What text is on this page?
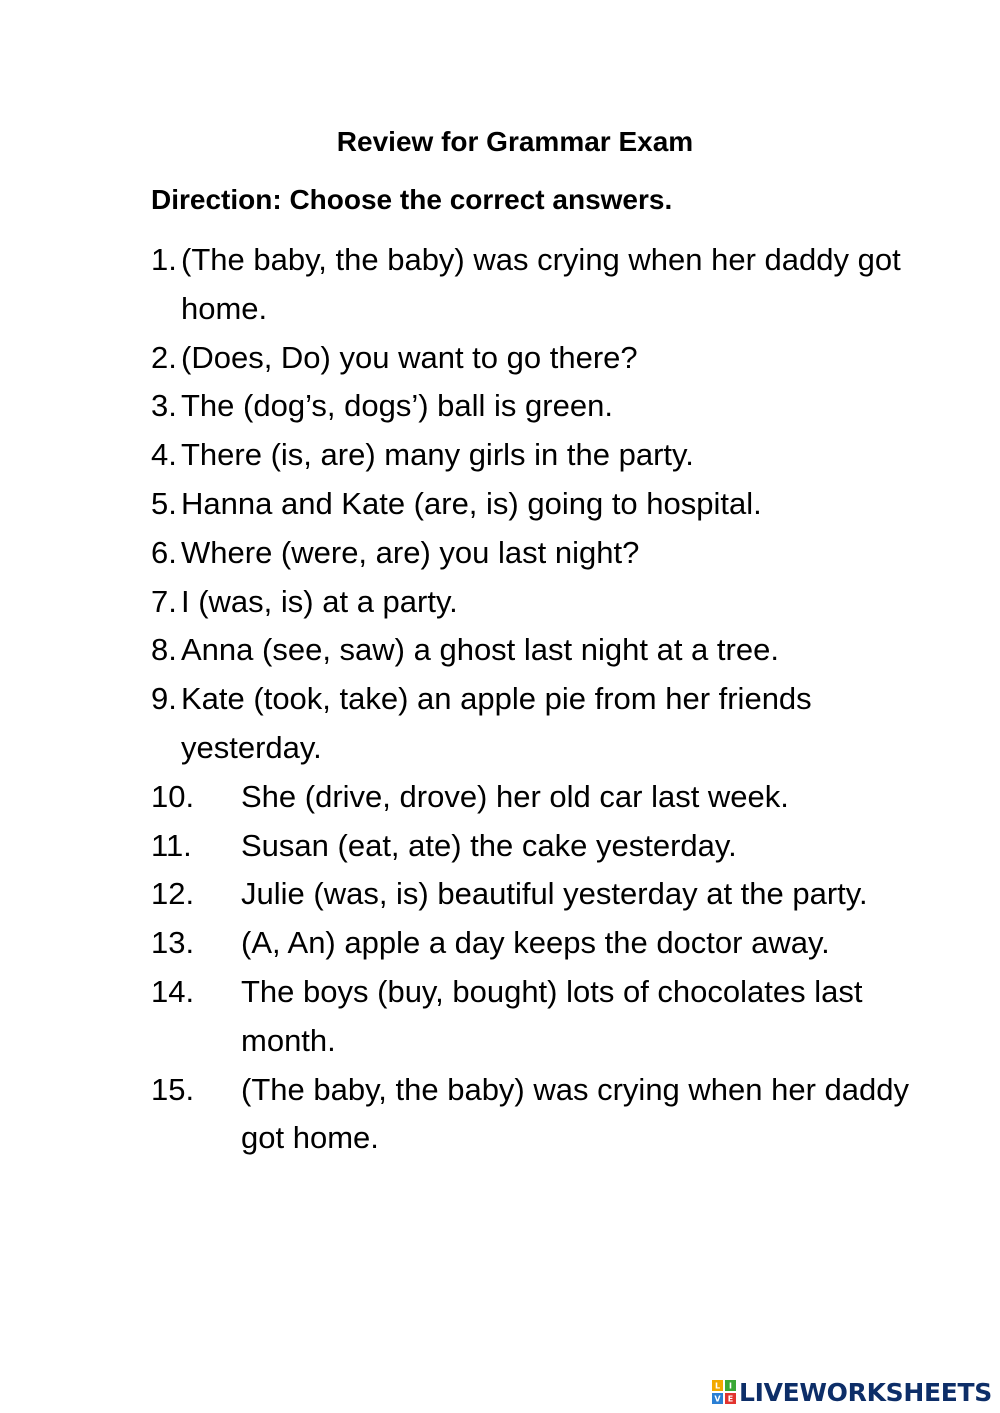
Review for Grammar Exam
Direction: Choose the correct answers.
1. (The baby, the baby) was crying when her daddy got home.
2. (Does, Do) you want to go there?
3. The (dog’s, dogs’) ball is green.
4. There (is, are) many girls in the party.
5. Hanna and Kate (are, is) going to hospital.
6. Where (were, are) you last night?
7. I (was, is) at a party.
8. Anna (see, saw) a ghost last night at a tree.
9. Kate (took, take) an apple pie from her friends yesterday.
10. She (drive, drove) her old car last week.
11. Susan (eat, ate) the cake yesterday.
12. Julie (was, is) beautiful yesterday at the party.
13. (A, An) apple a day keeps the doctor away.
14. The boys (buy, bought) lots of chocolates last month.
15. (The baby, the baby) was crying when her daddy got home.
L I
V E LIVEWORKSHEETS
